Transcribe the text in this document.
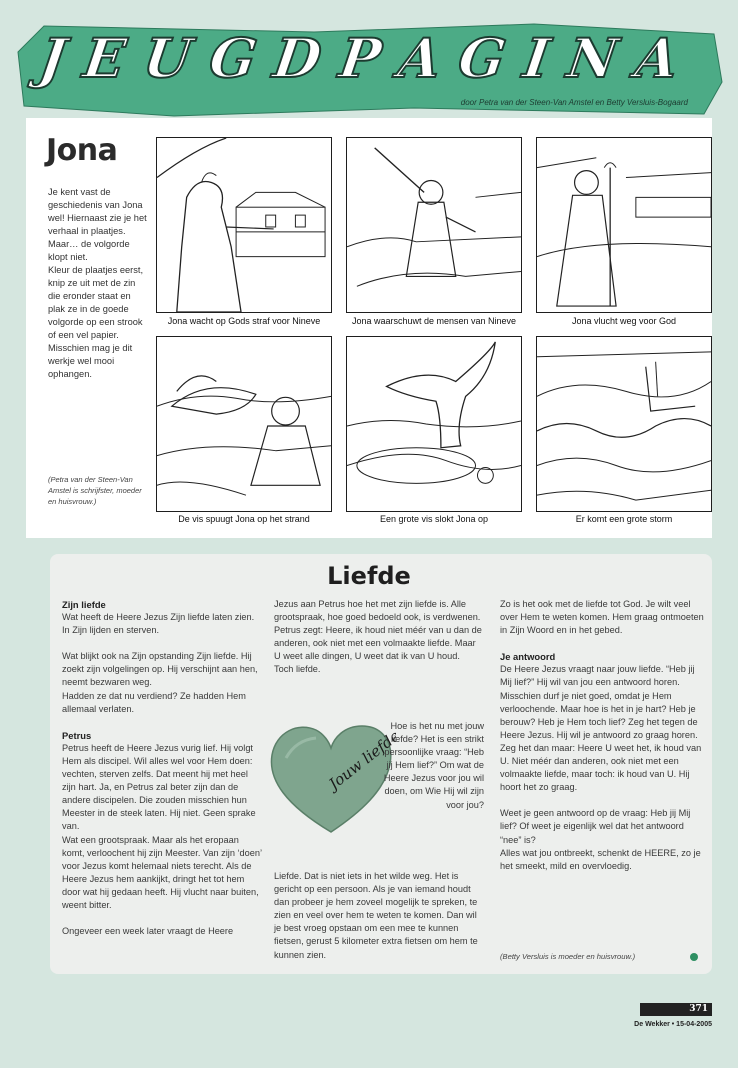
J E U G D P A G I N A
door Petra van der Steen-Van Amstel en Betty Versluis-Bogaard
Jona

Je kent vast de geschiedenis van Jona wel! Hiernaast zie je het verhaal in plaatjes.

Maar… de volgorde klopt niet.

Kleur de plaatjes eerst, knip ze uit met de zin die eronder staat en plak ze in de goede volgorde op een strook of een vel papier.

Misschien mag je dit werkje wel mooi ophangen.

(Petra van der Steen-Van Amstel is schrijfster, moeder en huisvrouw.)
Jona wacht op Gods straf voor Nineve	Jona waarschuwt de mensen van Nineve	Jona vlucht weg voor God
De vis spuugt Jona op het strand	Een grote vis slokt Jona op	Er komt een grote storm
Liefde
Zijn liefde

Wat heeft de Heere Jezus Zijn liefde laten zien. In Zijn lijden en sterven.

Wat blijkt ook na Zijn opstanding Zijn liefde. Hij zoekt zijn volgelingen op. Hij verschijnt aan hen, neemt bezwaren weg.

Hadden ze dat nu verdiend? Ze hadden Hem allemaal verlaten.

Petrus

Petrus heeft de Heere Jezus vurig lief. Hij volgt Hem als discipel. Wil alles wel voor Hem doen: vechten, sterven zelfs. Dat meent hij met heel zijn hart. Ja, en Petrus zal beter zijn dan de andere discipelen. Die zouden misschien hun Meester in de steek laten. Hij niet. Geen sprake van.

Wat een grootspraak. Maar als het eropaan komt, verloochent hij zijn Meester. Van zijn ‘doen’ voor Jezus komt helemaal niets terecht. Als de Heere Jezus hem aankijkt, dringt het tot hem door wat hij gedaan heeft. Hij vlucht naar buiten, weent bitter.

Ongeveer een week later vraagt de Heere

Jezus aan Petrus hoe het met zijn liefde is. Alle grootspraak, hoe goed bedoeld ook, is verdwenen. Petrus zegt: Heere, ik houd niet méér van u dan de anderen, ook niet met een volmaakte liefde. Maar U weet alle dingen, U weet dat ik van U houd.

Toch liefde.

Jouw liefde
Hoe is het nu met jouw liefde? Het is een strikt persoonlijke vraag: “Heb jij Hem lief?” Om wat de Heere Jezus voor jou wil doen, om Wie Hij wil zijn voor jou?
Liefde. Dat is niet iets in het wilde weg. Het is gericht op een persoon. Als je van iemand houdt dan probeer je hem zoveel mogelijk te spreken, te zien en veel over hem te weten te komen. Dan wil je best vroeg opstaan om een mee te kunnen fietsen, gerust 5 kilometer extra fietsen om hem te kunnen zien.

Zo is het ook met de liefde tot God. Je wilt veel over Hem te weten komen. Hem graag ontmoeten in Zijn Woord en in het gebed.

Je antwoord

De Heere Jezus vraagt naar jouw liefde. “Heb jij Mij lief?” Hij wil van jou een antwoord horen. Misschien durf je niet goed, omdat je Hem verloochende. Maar hoe is het in je hart? Heb je berouw? Heb je Hem toch lief? Zeg het tegen de Heere Jezus. Hij wil je antwoord zo graag horen. Zeg het dan maar: Heere U weet het, ik houd van U. Niet méér dan anderen, ook niet met een volmaakte liefde, maar toch: ik houd van U. Hij hoort het zo graag.

Weet je geen antwoord op de vraag: Heb jij Mij lief? Of weet je eigenlijk wel dat het antwoord “nee” is?

Alles wat jou ontbreekt, schenkt de HEERE, zo je het smeekt, mild en overvloedig.

(Betty Versluis is moeder en huisvrouw.)
371
De Wekker • 15-04-2005
